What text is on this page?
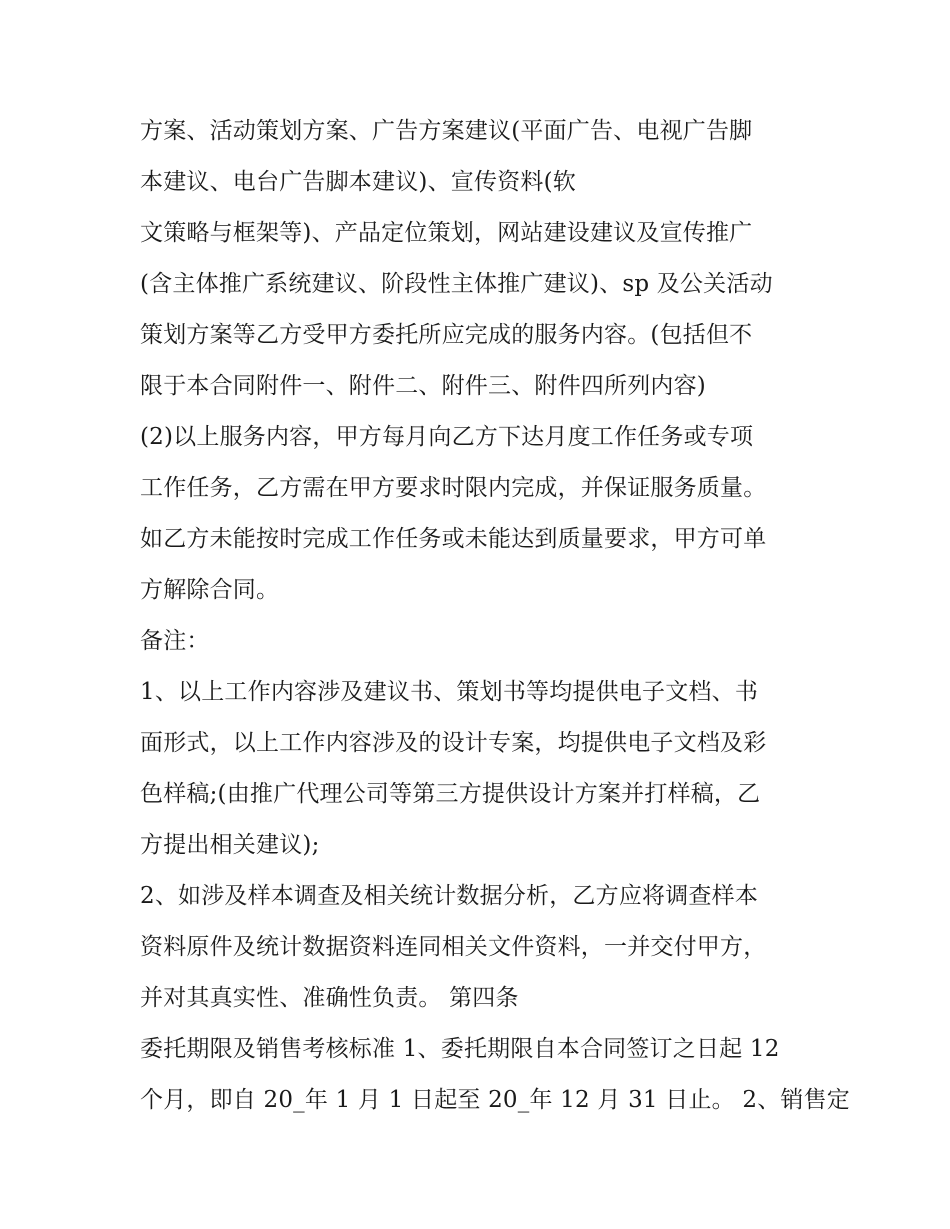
方案、活动策划方案、广告方案建议(平面广告、电视广告脚
本建议、电台广告脚本建议)、宣传资料(软
文策略与框架等)、产品定位策划，网站建设建议及宣传推广
(含主体推广系统建议、阶段性主体推广建议)、sp 及公关活动
策划方案等乙方受甲方委托所应完成的服务内容。(包括但不
限于本合同附件一、附件二、附件三、附件四所列内容)
(2)以上服务内容，甲方每月向乙方下达月度工作任务或专项
工作任务，乙方需在甲方要求时限内完成，并保证服务质量。
如乙方未能按时完成工作任务或未能达到质量要求，甲方可单
方解除合同。
备注：
1、以上工作内容涉及建议书、策划书等均提供电子文档、书
面形式，以上工作内容涉及的设计专案，均提供电子文档及彩
色样稿;(由推广代理公司等第三方提供设计方案并打样稿，乙
方提出相关建议);
2、如涉及样本调查及相关统计数据分析，乙方应将调查样本
资料原件及统计数据资料连同相关文件资料，一并交付甲方，
并对其真实性、准确性负责。 第四条
委托期限及销售考核标准 1、委托期限自本合同签订之日起 12
个月，即自 20_年 1 月 1 日起至 20_年 12 月 31 日止。 2、销售定
